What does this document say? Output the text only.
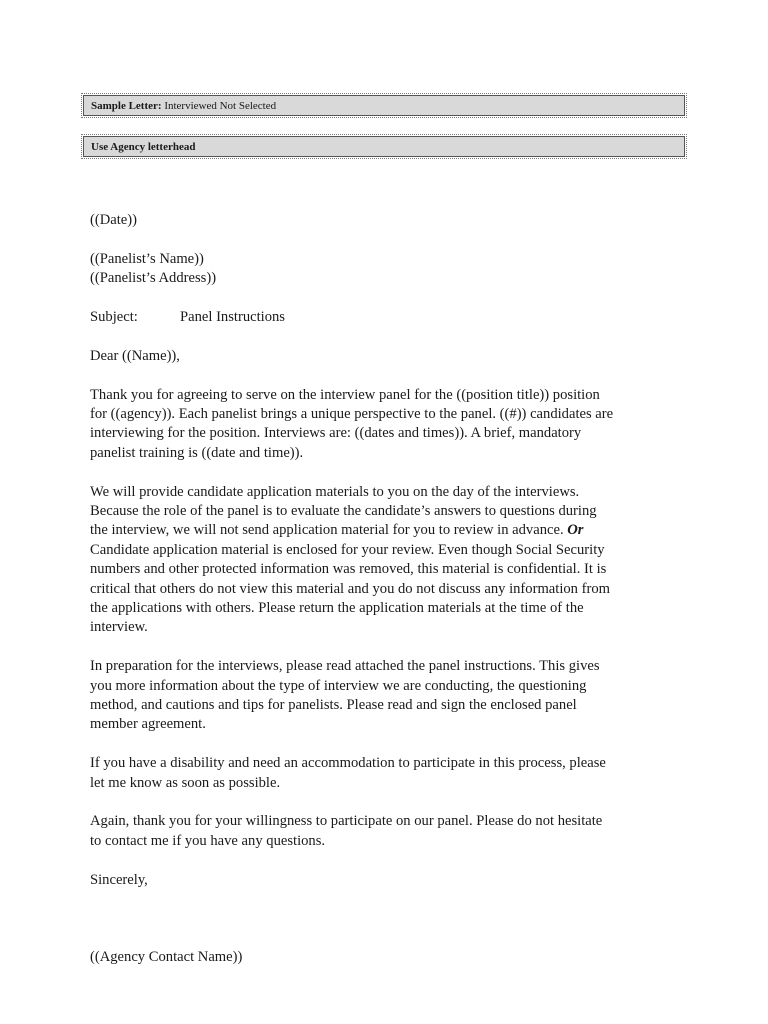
Sample Letter: Interviewed Not Selected
Use Agency letterhead
((Date))
((Panelist’s Name))
((Panelist’s Address))
Subject:	Panel Instructions
Dear ((Name)),
Thank you for agreeing to serve on the interview panel for the ((position title)) position
for ((agency)). Each panelist brings a unique perspective to the panel. ((#)) candidates are
interviewing for the position. Interviews are: ((dates and times)). A brief, mandatory
panelist training is ((date and time)).
We will provide candidate application materials to you on the day of the interviews.
Because the role of the panel is to evaluate the candidate’s answers to questions during
the interview, we will not send application material for you to review in advance. Or
Candidate application material is enclosed for your review. Even though Social Security
numbers and other protected information was removed, this material is confidential. It is
critical that others do not view this material and you do not discuss any information from
the applications with others. Please return the application materials at the time of the
interview.
In preparation for the interviews, please read attached the panel instructions. This gives
you more information about the type of interview we are conducting, the questioning
method, and cautions and tips for panelists. Please read and sign the enclosed panel
member agreement.
If you have a disability and need an accommodation to participate in this process, please
let me know as soon as possible.
Again, thank you for your willingness to participate on our panel. Please do not hesitate
to contact me if you have any questions.
Sincerely,
((Agency Contact Name))
